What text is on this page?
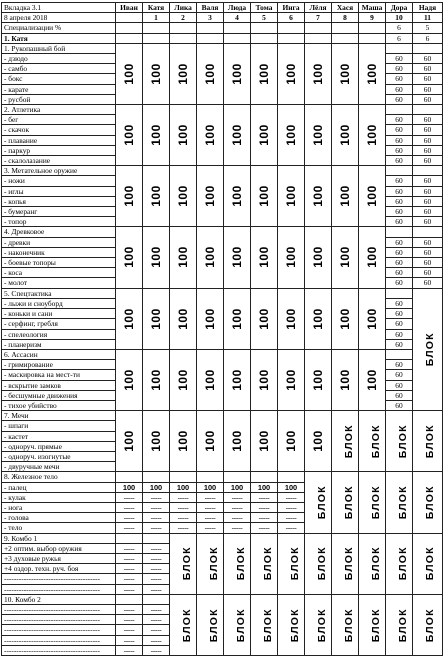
Вкладка 3.1	Иван	Катя	Лика	Валя	Люда	Тома	Инга	Лёля	Хася	Маша	Дора	Надя
8 апреля 2018		1	2	3	4	5	6	7	8	9	10	11
Специализации %											6	5
1. Катя											6	6
1. Рукопашный бой	100	100	100	100	100	100	100	100	100	100		
- дзюдо											60	60
- самбо											60	60
- бокс											60	60
- карате											60	60
- русбой											60	60
2. Атлетика	100	100	100	100	100	100	100	100	100	100		
- бег											60	60
- скачок											60	60
- плавание											60	60
- паркур											60	60
- скалолазание											60	60
3. Метательное оружие	100	100	100	100	100	100	100	100	100	100		
- ножи											60	60
- иглы											60	60
- копья											60	60
- бумеранг											60	60
- топор											60	60
4. Древковое	100	100	100	100	100	100	100	100	100	100		
- древки											60	60
- наконечник											60	60
- боевые топоры											60	60
- коса											60	60
- молот											60	60
5. Спецтактика	100	100	100	100	100	100	100	100	100	100		БЛОК
- лыжи и сноуборд											60	
- коньки и сани											60	
- серфинг, гребля											60	
- спелеология											60	
- планеризм											60	
6. Ассасин	100	100	100	100	100	100	100	100	100	100		
- гримирование											60	
- маскировка на мест-ти											60	
- вскрытие замков											60	
- бесшумные движения											60	
- тихое убийство											60	
7. Мечи	100	100	100	100	100	100	100	100	БЛОК	БЛОК	БЛОК	БЛОК
- шпаги												
- кастет												
- одноруч. прямые												
- одноруч. изогнутые												
- двуручные мечи												
8. Железное тело								БЛОК	БЛОК	БЛОК	БЛОК	БЛОК
- палец	100	100	100	100	100	100	100					
- кулак	-----	-----	-----	-----	-----	-----	-----					
- нога	-----	-----	-----	-----	-----	-----	-----					
- голова	-----	-----	-----	-----	-----	-----	-----					
- тело	-----	-----	-----	-----	-----	-----	-----					
9. Комбо 1			БЛОК	БЛОК	БЛОК	БЛОК	БЛОК	БЛОК	БЛОК	БЛОК	БЛОК	БЛОК
+2 оптим. выбор оружия	-----	-----										
+3 духовые ружья	-----	-----										
+4 оздор. техн. руч. боя	-----	-----										
---------------------------------------	-----	-----										
---------------------------------------	-----	-----										
10. Комбо 2			БЛОК	БЛОК	БЛОК	БЛОК	БЛОК	БЛОК	БЛОК	БЛОК	БЛОК	БЛОК
---------------------------------------	-----	-----										
---------------------------------------	-----	-----										
---------------------------------------	-----	-----										
---------------------------------------	-----	-----										
---------------------------------------	-----	-----										
